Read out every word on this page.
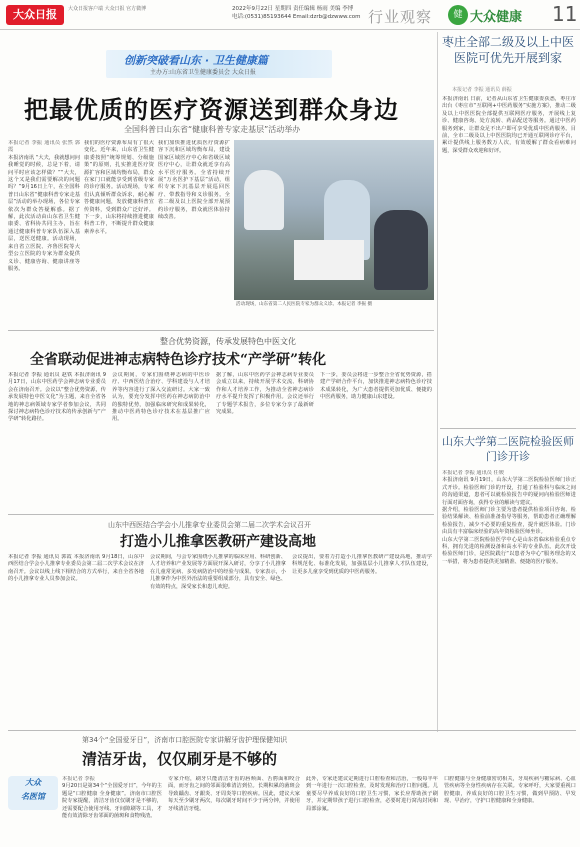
大众日报	大众日报客户端 大众日报 官方微博	2022年9月22日 星期四 责任编辑 杨雨 美编 李博
电话:(0531)85193644 Email:dzrb@dzwww.com 行业观察	健 大众健康 11
创新突破看山东 · 卫生健康篇
主办方:山东省卫生健康委员会 大众日报
把最优质的医疗资源送到群众身边
全国科普日山东省“健康科普专家走基层”活动举办
本报记者 李振 通讯员 张然 郭霞
本报济南讯 “大夫，我就想问问我睡觉的时候，总是下着，请问平时应该怎样做？”“大夫，这个又是我们需要解决的问题吗？”9月16日上午，在全国科普日山东省“健康科普专家走基层”活动的举办现场，各位专家依次为群众答疑解惑。据了解，此次活动由山东省卫生健康委、省科协共同主办，旨在通过健康科普专家队伍深入基层，送医送健康。活动现场，来自省立医院、齐鲁医院等大型公立医院的专家为群众提供义诊、健康咨询、健康讲座等服务。
我们的医疗资源布局有了很大变化。近年来，山东省卫生健康委按照“统筹规划、分级施策”的原则，扎实推进医疗资源扩容和区域均衡布局，群众在家门口就能享受到省级专家的诊疗服务。活动现场，专家们认真倾听群众诉求，耐心解答健康问题，发放健康科普宣传资料，受到群众广泛好评。下一步，山东将持续推进健康科普工作，不断提升群众健康素养水平。
我们加快推进优质医疗资源扩容下沉和区域均衡布局，建设国家区域医疗中心和省级区域医疗中心，让群众就近享有高水平医疗服务。全省持续开展“万名医护下基层”活动，组织专家下沉基层开展巡回医疗、带教指导和义诊服务。全省二级及以上医院全部开展预约诊疗服务，群众就医体验持续改善。
活动现场，山东省第二人民医院专家为群众义诊。本报记者 李振 摄
枣庄全部二级及以上中医医院可优先开展到家
本报记者 李振 通讯员 薛振
本报济南讯 日前，记者从山东省卫生健康委获悉，枣庄市出台《枣庄市“互联网+中医药服务”实施方案》，推动二级及以上中医医院全部提供互联网医疗服务，开展线上复诊、健康咨询、处方流转、药品配送等服务。通过中医药服务到家，让群众足不出户即可享受优质中医药服务。目前，全市二级及以上中医医院均已开通互联网诊疗平台，累计提供线上服务数万人次，有效缓解了群众看病难问题，深受群众欢迎和好评。
整合优势资源，传承发展特色中医文化
全省联动促进神志病特色诊疗技术“产学研”转化
本报记者 李振 通讯员 赵铁 本报济南讯 9月17日，山东中医药学会神志病专业委员会在济南召开。会议以“整合优势资源，传承发展特色中医文化”为主题，来自全省各地的神志病领域专家学者参加会议，共同探讨神志病特色诊疗技术的传承创新与“产学研”转化路径。
会议期间，专家们围绕神志病的中医诊疗、中西医结合治疗、学科建设与人才培养等内容进行了深入交流研讨。大家一致认为，要充分发挥中医药在神志病防治中的独特优势，加强临床研究和成果转化，推动中医药特色诊疗技术在基层推广应用。
据了解，山东中医药学会神志病专业委员会成立以来，持续开展学术交流、科研协作和人才培养工作，为推动全省神志病诊疗水平提升发挥了积极作用。会议还举行了专题学术报告，多位专家分享了最新研究成果。
下一步，委员会将进一步整合全省优势资源，搭建产学研合作平台，加快推进神志病特色诊疗技术成果转化，为广大患者提供更加优质、便捷的中医药服务，助力健康山东建设。
山东中西医结合学会小儿推拿专业委员会第二届二次学术会议召开
打造小儿推拿医教研产建设高地
本报记者 李振 通讯员 郭霞 本报济南讯 9月18日，山东中西医结合学会小儿推拿专业委员会第二届二次学术会议在济南召开。会议以线上线下相结合的方式举行，来自全省各地的小儿推拿专业人员参加会议。
会议期间，与会专家围绕小儿推拿的临床应用、科研创新、人才培养和产业发展等方面展开深入研讨，分享了小儿推拿在儿童常见病、多发病防治中的经验与成果。专家表示，小儿推拿作为中医外治法的重要组成部分，具有安全、绿色、有效的特点，深受家长和患儿欢迎。
会议提出，要着力打造小儿推拿医教研产建设高地，推动学科规范化、标准化发展，加强基层小儿推拿人才队伍建设，让更多儿童享受到优质的中医药服务。
山东大学第二医院检验医师门诊开诊
本报记者 李振 通讯员 任媛
本报济南讯 9月19日，山东大学第二医院检验医师门诊正式开诊。检验医师门诊的开设，打通了检验科与临床之间的沟通渠道，患者可以就检验报告中的疑问向检验医师进行面对面咨询，获得专业的解读与建议。
据介绍，检验医师门诊主要为患者提供检验项目咨询、检验结果解读、检验前准备指导等服务，帮助患者正确理解检验报告，减少不必要的重复检查，提升就医体验。门诊由具有丰富临床经验的高年资检验医师坐诊。
山东大学第二医院检验医学中心是山东省临床检验重点专科，拥有先进的检测设备和高水平的专业队伍。此次开设检验医师门诊，是医院践行“以患者为中心”服务理念的又一举措，将为患者提供更加精准、便捷的医疗服务。
第34个“全国爱牙日”，济南市口腔医院专家讲解牙齿护理保健知识
清洁牙齿，仅仅刷牙是不够的
大众
名医馆
本报记者 李振
9月20日是第34个“全国爱牙日”，今年的主题是“口腔健康 全身健康”。济南市口腔医院专家提醒，清洁牙齿仅仅刷牙是不够的，还需要配合使用牙线、牙间隙刷等工具，才能有效清除牙齿邻面的菌斑和食物残渣。
专家介绍，刷牙只能清洁牙齿的唇颊面、舌腭面和咬合面，而牙齿之间的邻面很难清洁到位。长期积累的菌斑会导致龋齿、牙龈炎、牙周炎等口腔疾病。因此，建议大家每天至少刷牙两次，每次刷牙时间不少于两分钟，并使用牙线清洁牙缝。
此外，专家还建议定期进行口腔检查和洁治，一般每半年到一年进行一次口腔检查，及时发现和治疗口腔问题。儿童要尽早养成良好的口腔卫生习惯，家长应帮助孩子刷牙，并定期带孩子进行口腔检查，必要时进行窝沟封闭和局部涂氟。
口腔健康与全身健康密切相关，牙周疾病与糖尿病、心血管疾病等全身性疾病存在关联。专家呼吁，大家要重视口腔健康，养成良好的口腔卫生习惯，做到早预防、早发现、早治疗，守护口腔健康和全身健康。
